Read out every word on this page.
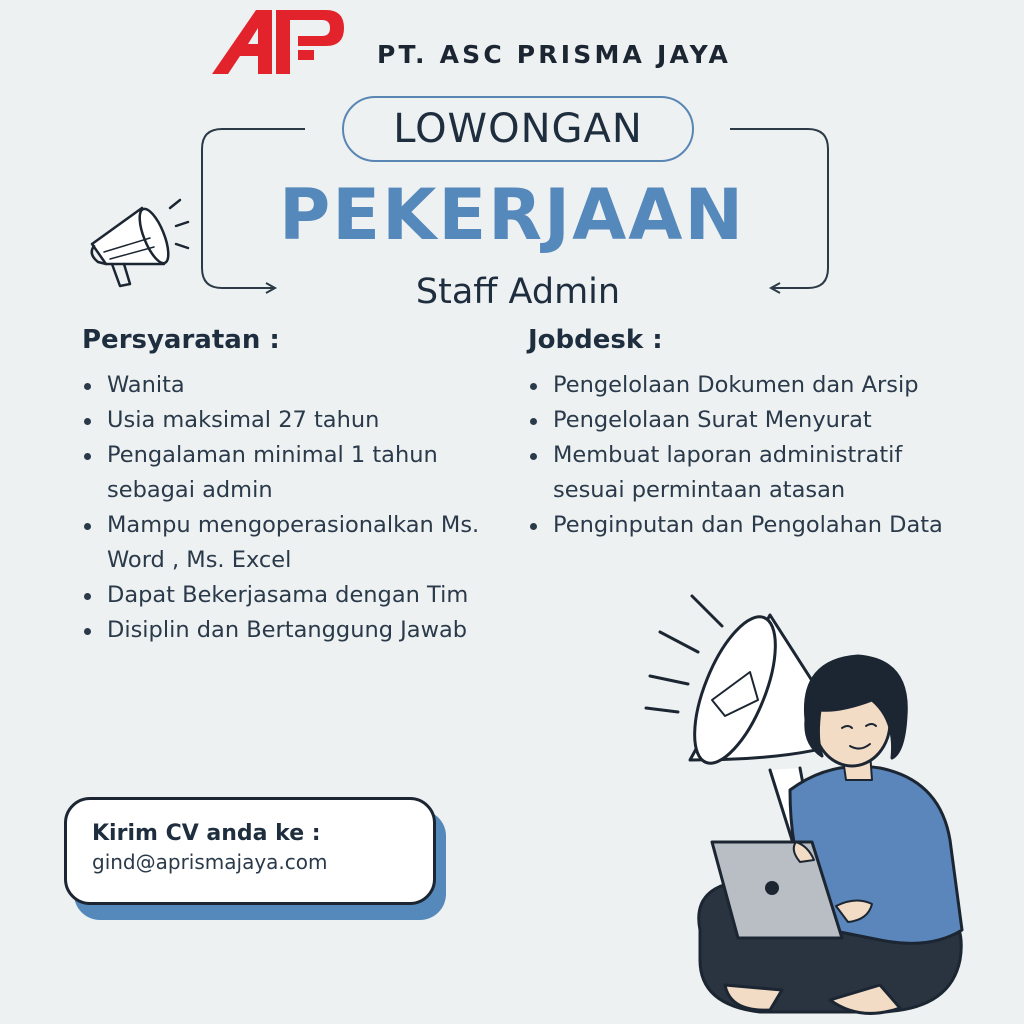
PT. ASC PRISMA JAYA
LOWONGAN
PEKERJAAN
Staff Admin
Persyaratan :
Wanita
Usia maksimal 27 tahun
Pengalaman minimal 1 tahun sebagai admin
Mampu mengoperasionalkan Ms. Word , Ms. Excel
Dapat Bekerjasama dengan Tim
Disiplin dan Bertanggung Jawab
Jobdesk :
Pengelolaan Dokumen dan Arsip
Pengelolaan Surat Menyurat
Membuat laporan administratif sesuai permintaan atasan
Penginputan dan Pengolahan Data
Kirim CV anda ke :
gind@aprismajaya.com
